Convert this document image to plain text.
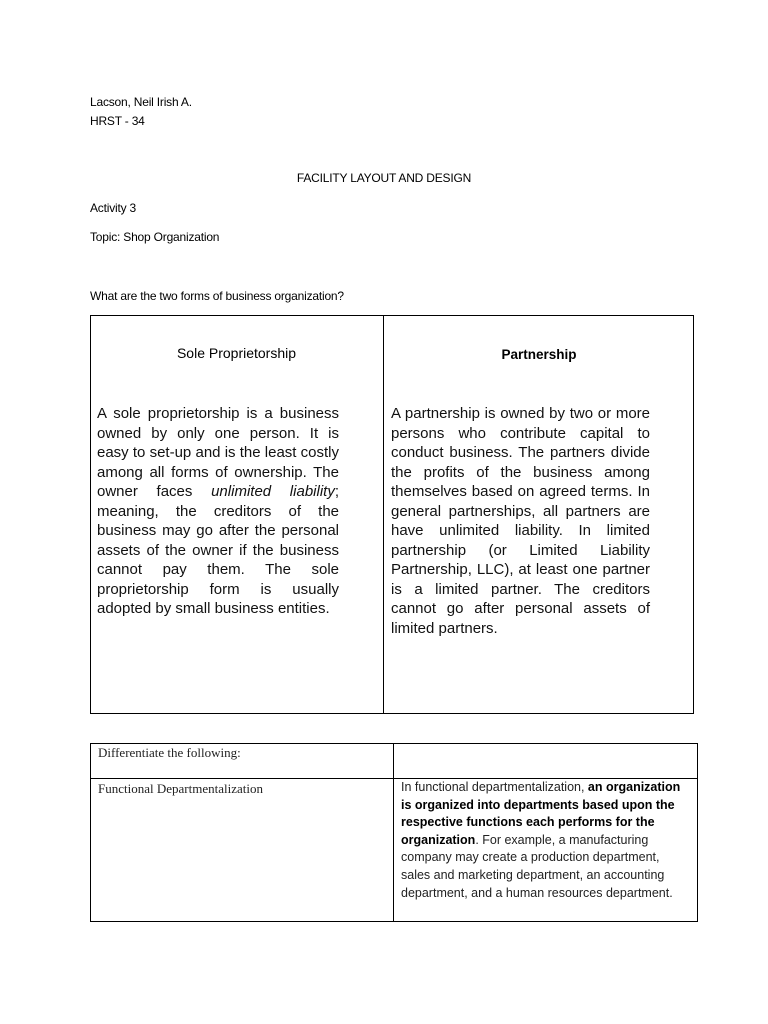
Lacson, Neil Irish A.
HRST - 34
FACILITY LAYOUT AND DESIGN
Activity 3
Topic: Shop Organization
What are the two forms of business organization?
Sole Proprietorship	Partnership
A sole proprietorship is a business owned by only one person. It is easy to set-up and is the least costly among all forms of ownership. The owner faces unlimited liability; meaning, the creditors of the business may go after the personal assets of the owner if the business cannot pay them. The sole proprietorship form is usually adopted by small business entities.
A partnership is owned by two or more persons who contribute capital to conduct business. The partners divide the profits of the business among themselves based on agreed terms. In general partnerships, all partners are have unlimited liability. In limited partnership (or Limited Liability Partnership, LLC), at least one partner is a limited partner. The creditors cannot go after personal assets of limited partners.
Differentiate the following:
Functional Departmentalization	In functional departmentalization, an organization is organized into departments based upon the respective functions each performs for the organization. For example, a manufacturing company may create a production department, sales and marketing department, an accounting department, and a human resources department.
